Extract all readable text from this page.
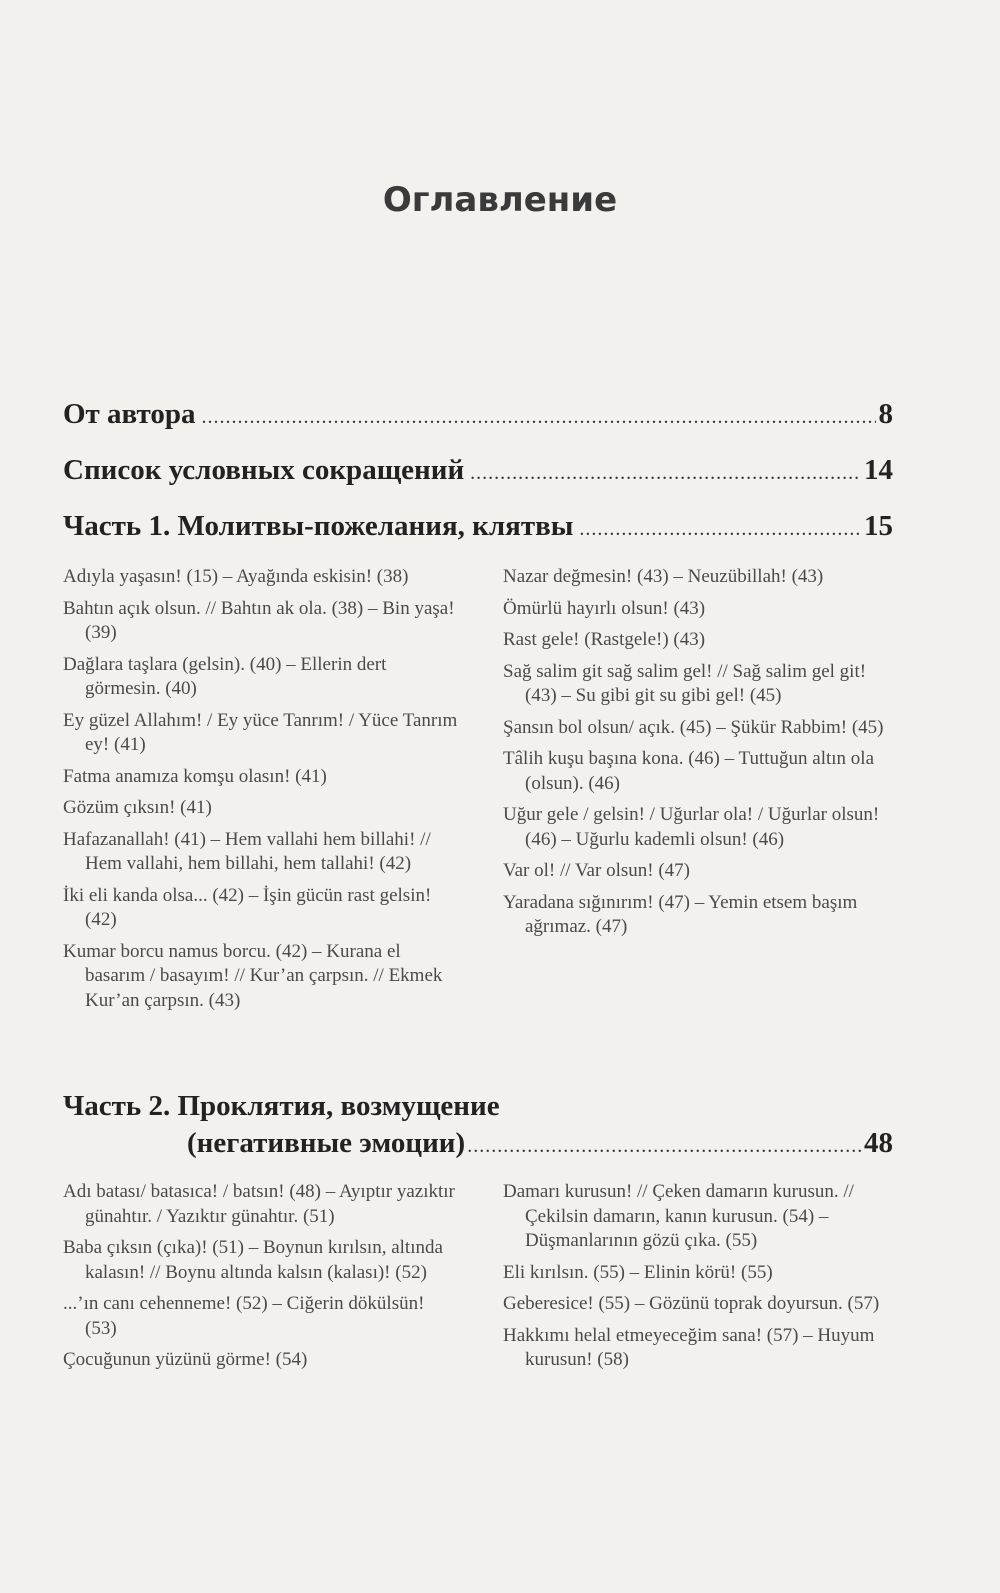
Оглавление
От автора .....	8
Список условных сокращений .....	14
Часть 1. Молитвы-пожелания, клятвы .....	15
Adıyla yaşasın! (15) – Ayağında eskisin! (38)
Bahtın açık olsun. // Bahtın ak ola. (38) – Bin yaşa! (39)
Dağlara taşlara (gelsin). (40) – Ellerin dert görmesin. (40)
Ey güzel Allahım! / Ey yüce Tanrım! / Yüce Tanrım ey! (41)
Fatma anamıza komşu olasın! (41)
Gözüm çıksın! (41)
Hafazanallah! (41) – Hem vallahi hem billahi! // Hem vallahi, hem billahi, hem tallahi! (42)
İki eli kanda olsa... (42) – İşin gücün rast gelsin! (42)
Kumar borcu namus borcu. (42) – Kurana el basarım / basayım! // Kur’an çarpsın. // Ekmek Kur’an çarpsın. (43)
Nazar değmesin! (43) – Neuzübillah! (43)
Ömürlü hayırlı olsun! (43)
Rast gele! (Rastgele!) (43)
Sağ salim git sağ salim gel! // Sağ salim gel git! (43) – Su gibi git su gibi gel! (45)
Şansın bol olsun/ açık. (45) – Şükür Rabbim! (45)
Tâlih kuşu başına kona. (46) – Tuttuğun altın ola (olsun). (46)
Uğur gele / gelsin! / Uğurlar ola! / Uğurlar olsun! (46) – Uğurlu kademli olsun! (46)
Var ol! // Var olsun! (47)
Yaradana sığınırım! (47) – Yemin etsem başım ağrımaz. (47)
Часть 2. Проклятия, возмущение
(негативные эмоции) .....	48
Adı batası/ batasıca! / batsın! (48) – Ayıptır yazıktır günahtır. / Yazıktır günahtır. (51)
Baba çıksın (çıka)! (51) – Boynun kırılsın, altında kalasın! // Boynu altında kalsın (kalası)! (52)
...’ın canı cehenneme! (52) – Ciğerin dökülsün! (53)
Çocuğunun yüzünü görme! (54)
Damarı kurusun! // Çeken damarın kurusun. // Çekilsin damarın, kanın kurusun. (54) – Düşmanlarının gözü çıka. (55)
Eli kırılsın. (55) – Elinin körü! (55)
Geberesice! (55) – Gözünü toprak doyursun. (57)
Hakkımı helal etmeyeceğim sana! (57) – Huyum kurusun! (58)
